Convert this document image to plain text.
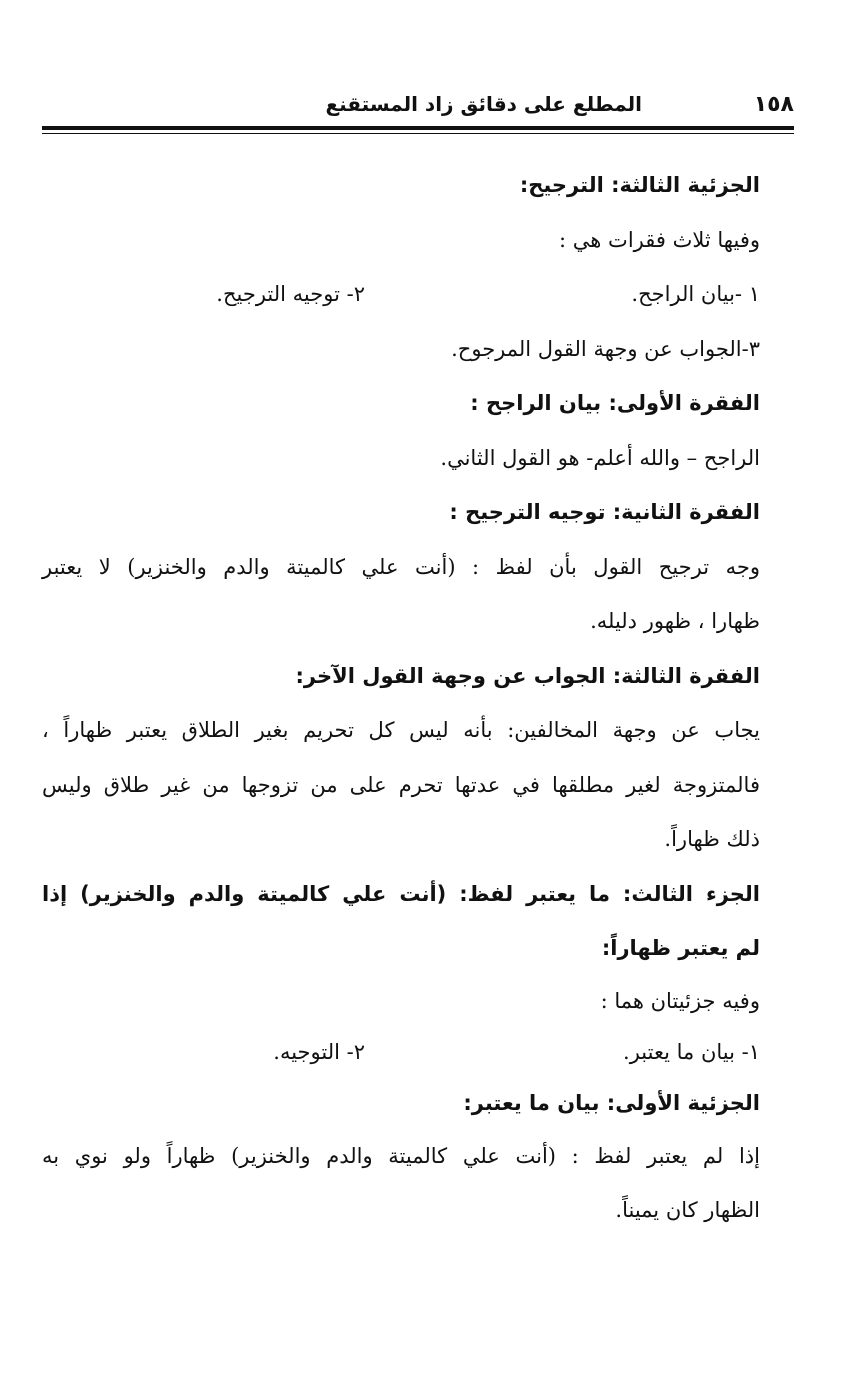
١٥٨
المطلع على دقائق زاد المستقنع
الجزئية الثالثة: الترجيح:
وفيها ثلاث فقرات هي :
١ -بيان الراجح.
٢- توجيه الترجيح.
٣-الجواب عن وجهة القول المرجوح.
الفقرة الأولى: بيان الراجح :
الراجح – والله أعلم- هو القول الثاني.
الفقرة الثانية: توجيه الترجيح :
وجه ترجيح القول بأن لفظ : (أنت علي كالميتة والدم والخنزير) لا يعتبر
ظهارا ، ظهور دليله.
الفقرة الثالثة: الجواب عن وجهة القول الآخر:
يجاب عن وجهة المخالفين: بأنه ليس كل تحريم بغير الطلاق يعتبر ظهاراً ،
فالمتزوجة لغير مطلقها في عدتها تحرم على من تزوجها من غير طلاق وليس
ذلك ظهاراً.
الجزء الثالث: ما يعتبر لفظ: (أنت علي كالميتة والدم والخنزير) إذا
لم يعتبر ظهاراً:
وفيه جزئيتان هما :
١- بيان ما يعتبر.
٢- التوجيه.
الجزئية الأولى: بيان ما يعتبر:
إذا لم يعتبر لفظ : (أنت علي كالميتة والدم والخنزير) ظهاراً ولو نوي به
الظهار كان يميناً.
